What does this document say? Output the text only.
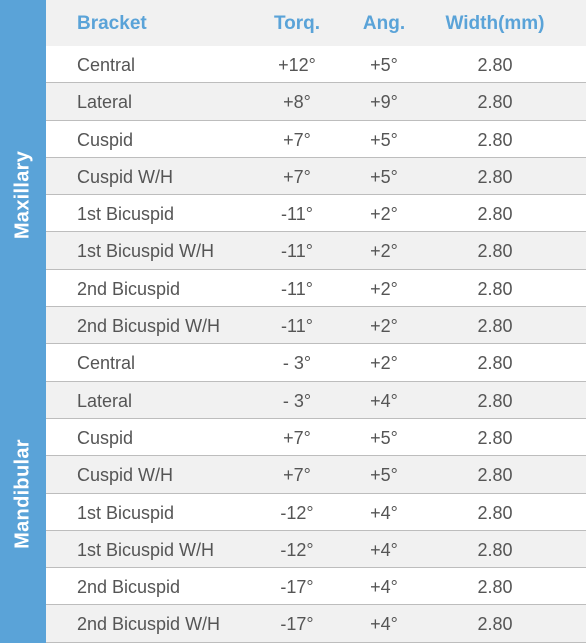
Bracket	Torq.	Ang.	Width(mm)
Maxillary
Central	+12°	+5°	2.80
Lateral	+8°	+9°	2.80
Cuspid	+7°	+5°	2.80
Cuspid W/H	+7°	+5°	2.80
1st Bicuspid	-11°	+2°	2.80
1st Bicuspid W/H	-11°	+2°	2.80
2nd Bicuspid	-11°	+2°	2.80
2nd Bicuspid W/H	-11°	+2°	2.80
Mandibular
Central	- 3°	+2°	2.80
Lateral	- 3°	+4°	2.80
Cuspid	+7°	+5°	2.80
Cuspid W/H	+7°	+5°	2.80
1st Bicuspid	-12°	+4°	2.80
1st Bicuspid W/H	-12°	+4°	2.80
2nd Bicuspid	-17°	+4°	2.80
2nd Bicuspid W/H	-17°	+4°	2.80
